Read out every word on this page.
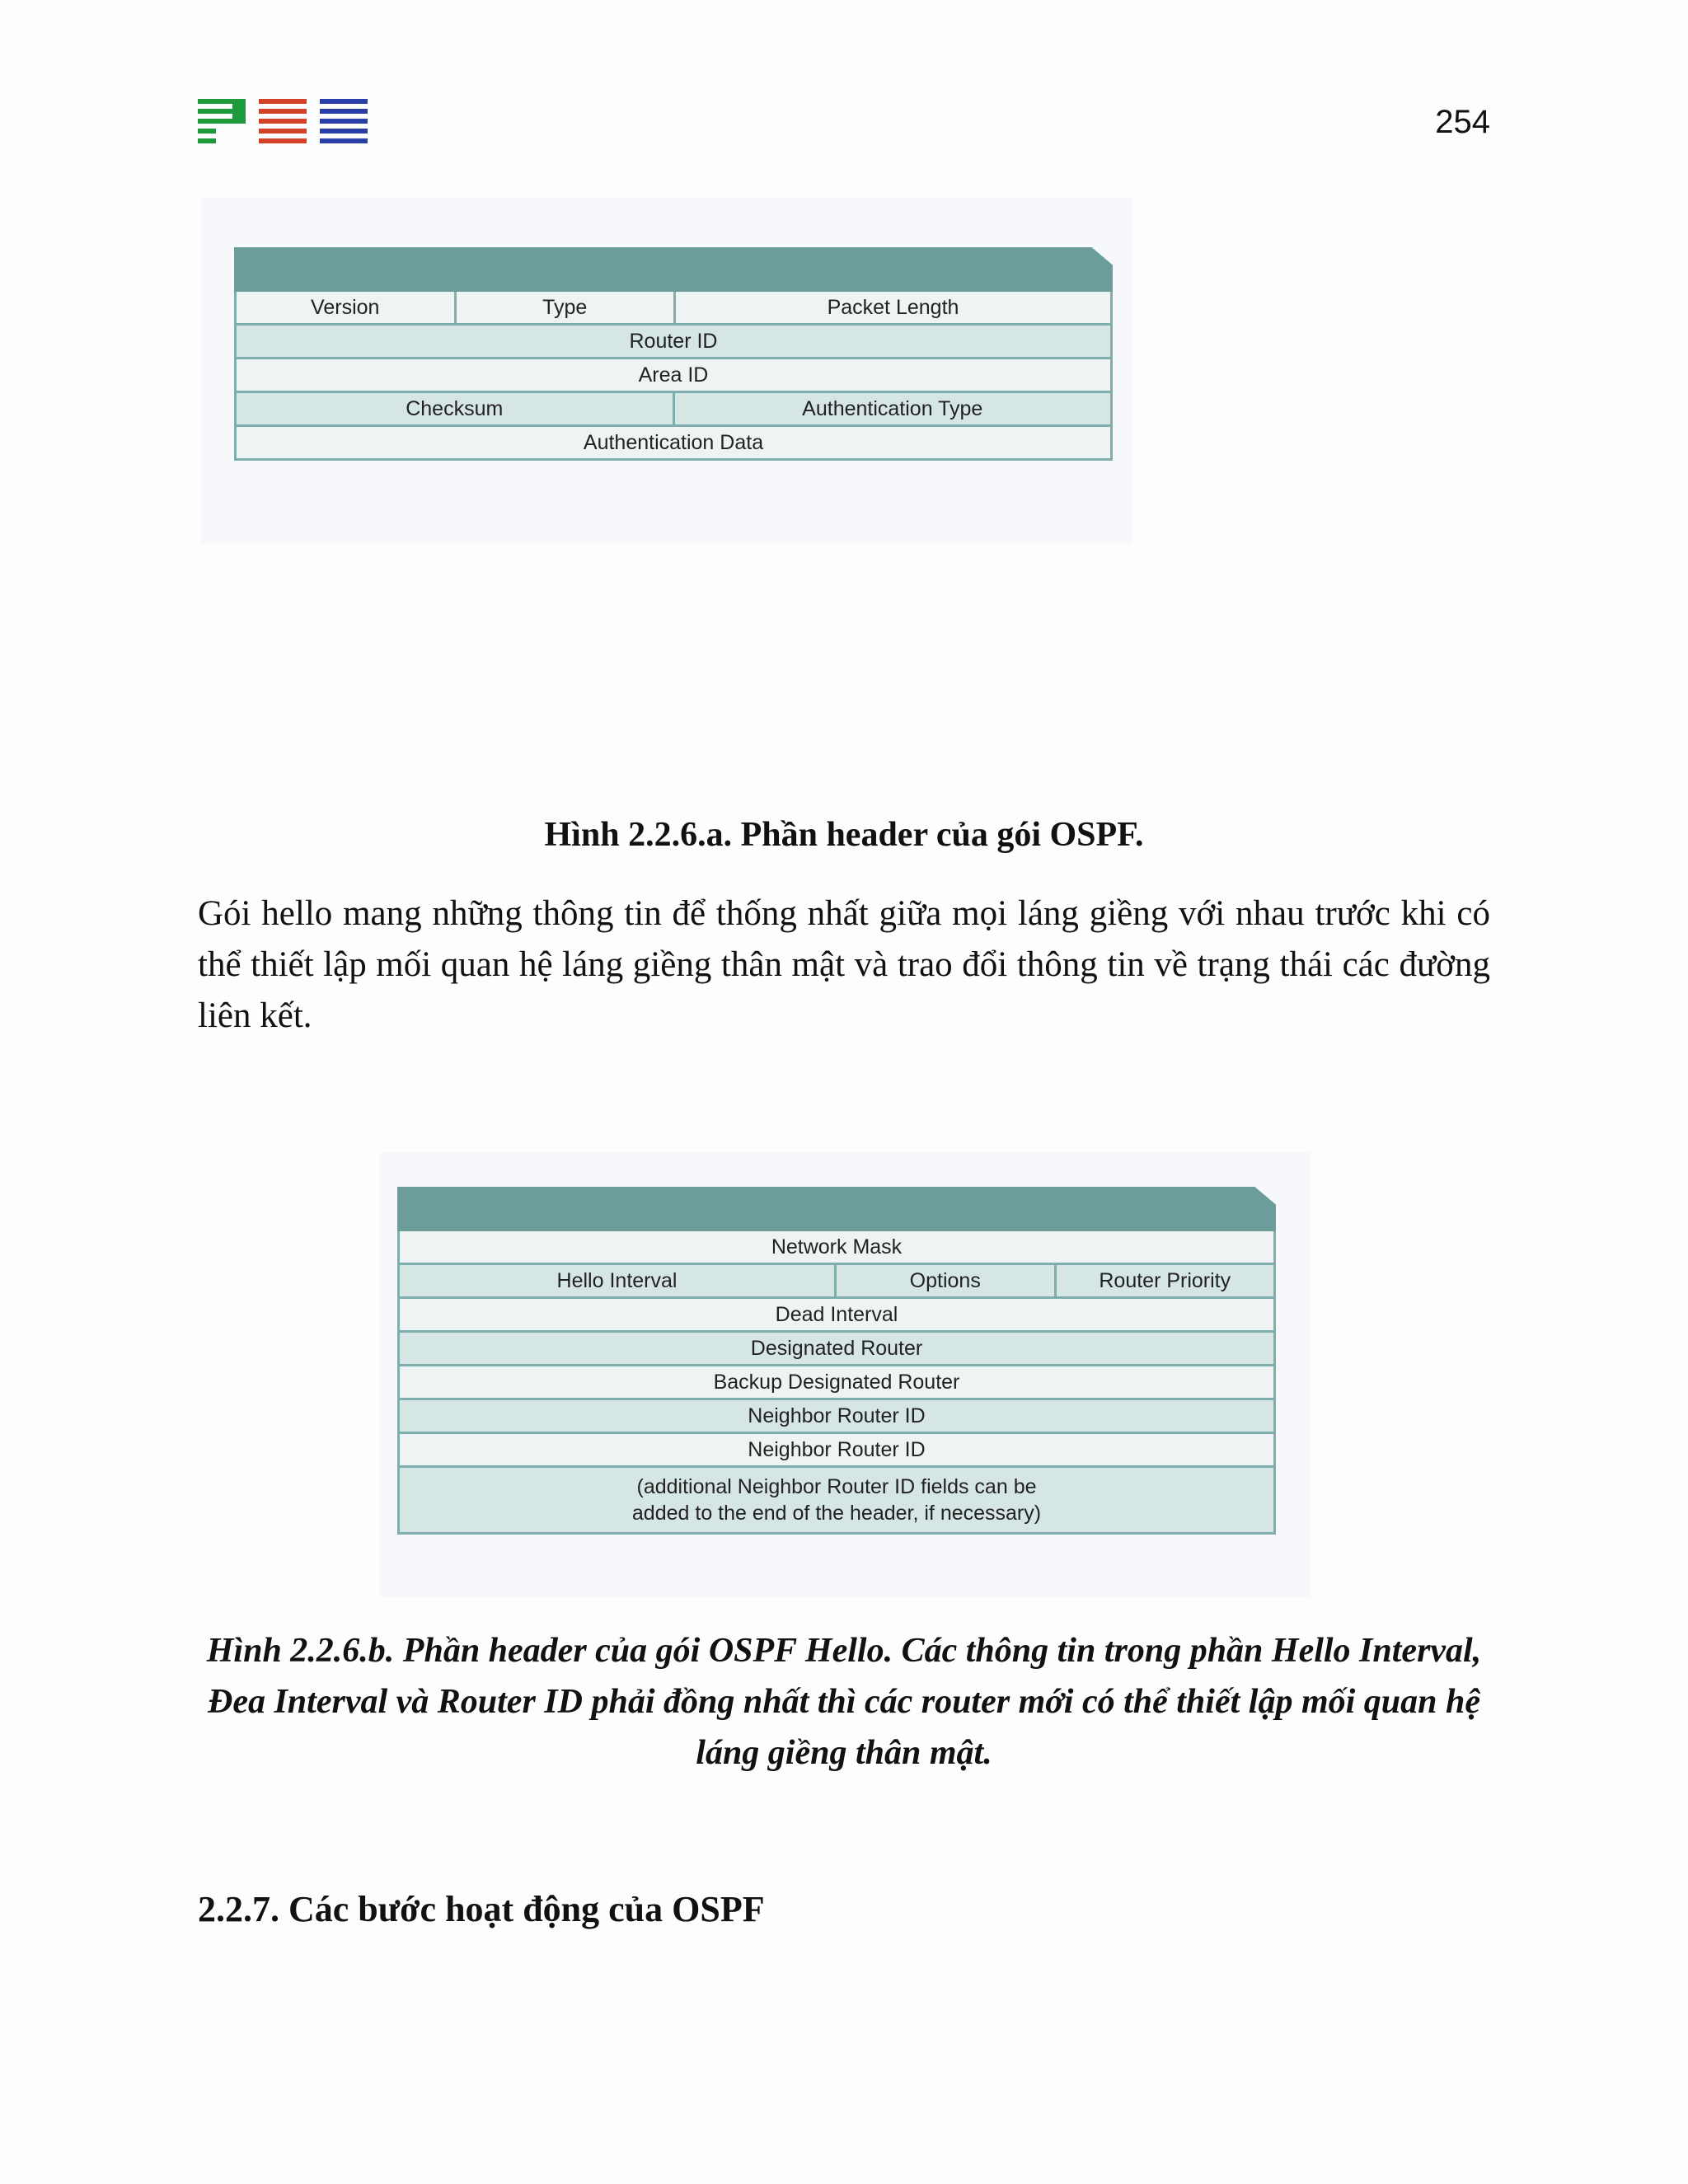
254
Version	Type	Packet Length
Router ID
Area ID
Checksum	Authentication Type
Authentication Data
Hình 2.2.6.a. Phần header của gói OSPF.
Gói hello mang những thông tin để thống nhất giữa mọi láng giềng với nhau trước khi có thể thiết lập mối quan hệ láng giềng thân mật và trao đổi thông tin về trạng thái các đường liên kết.
Network Mask
Hello Interval	Options	Router Priority
Dead Interval
Designated Router
Backup Designated Router
Neighbor Router ID
Neighbor Router ID
(additional Neighbor Router ID fields can be added to the end of the header, if necessary)
Hình 2.2.6.b. Phần header của gói OSPF Hello. Các thông tin trong phần Hello Interval, Đea Interval và Router ID phải đồng nhất thì các router mới có thể thiết lập mối quan hệ láng giềng thân mật.
2.2.7. Các bước hoạt động của OSPF
